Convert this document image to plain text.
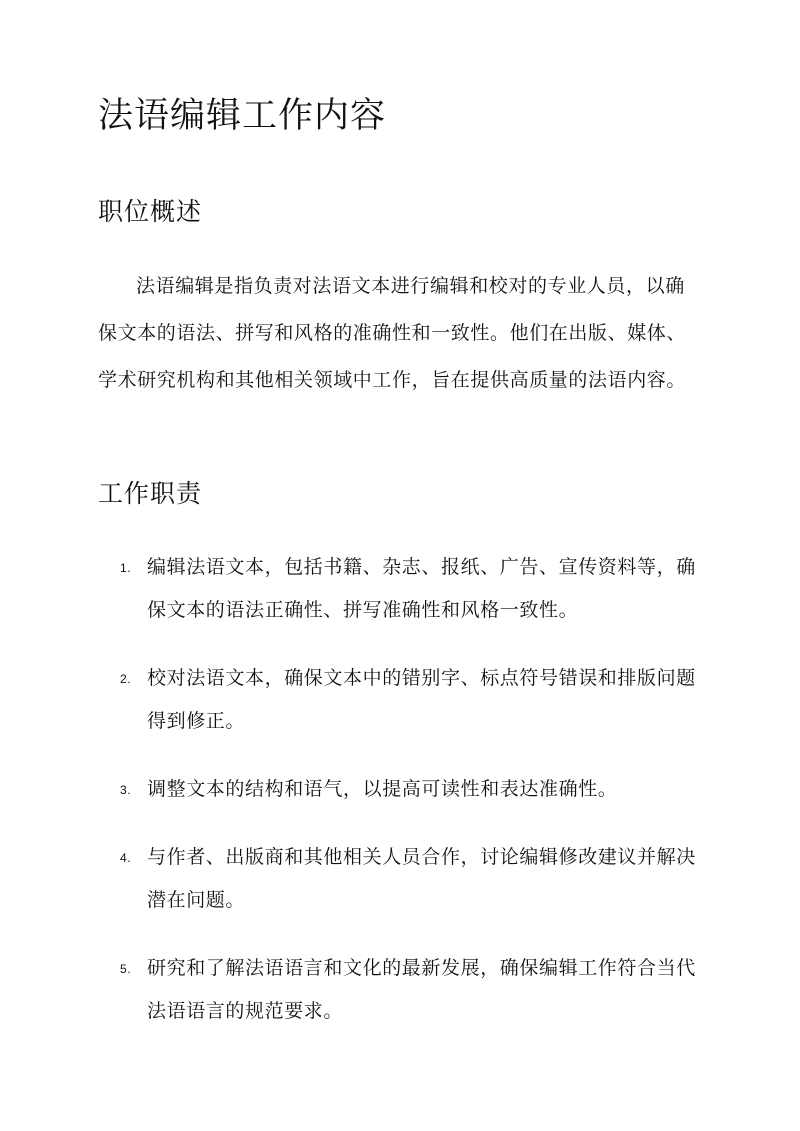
法语编辑工作内容
职位概述

法语编辑是指负责对法语文本进行编辑和校对的专业人员，以确保文本的语法、拼写和风格的准确性和一致性。他们在出版、媒体、学术研究机构和其他相关领域中工作，旨在提供高质量的法语内容。

工作职责
1. 编辑法语文本，包括书籍、杂志、报纸、广告、宣传资料等，确保文本的语法正确性、拼写准确性和风格一致性。
2. 校对法语文本，确保文本中的错别字、标点符号错误和排版问题得到修正。
3. 调整文本的结构和语气，以提高可读性和表达准确性。
4. 与作者、出版商和其他相关人员合作，讨论编辑修改建议并解决潜在问题。
5. 研究和了解法语语言和文化的最新发展，确保编辑工作符合当代法语语言的规范要求。
